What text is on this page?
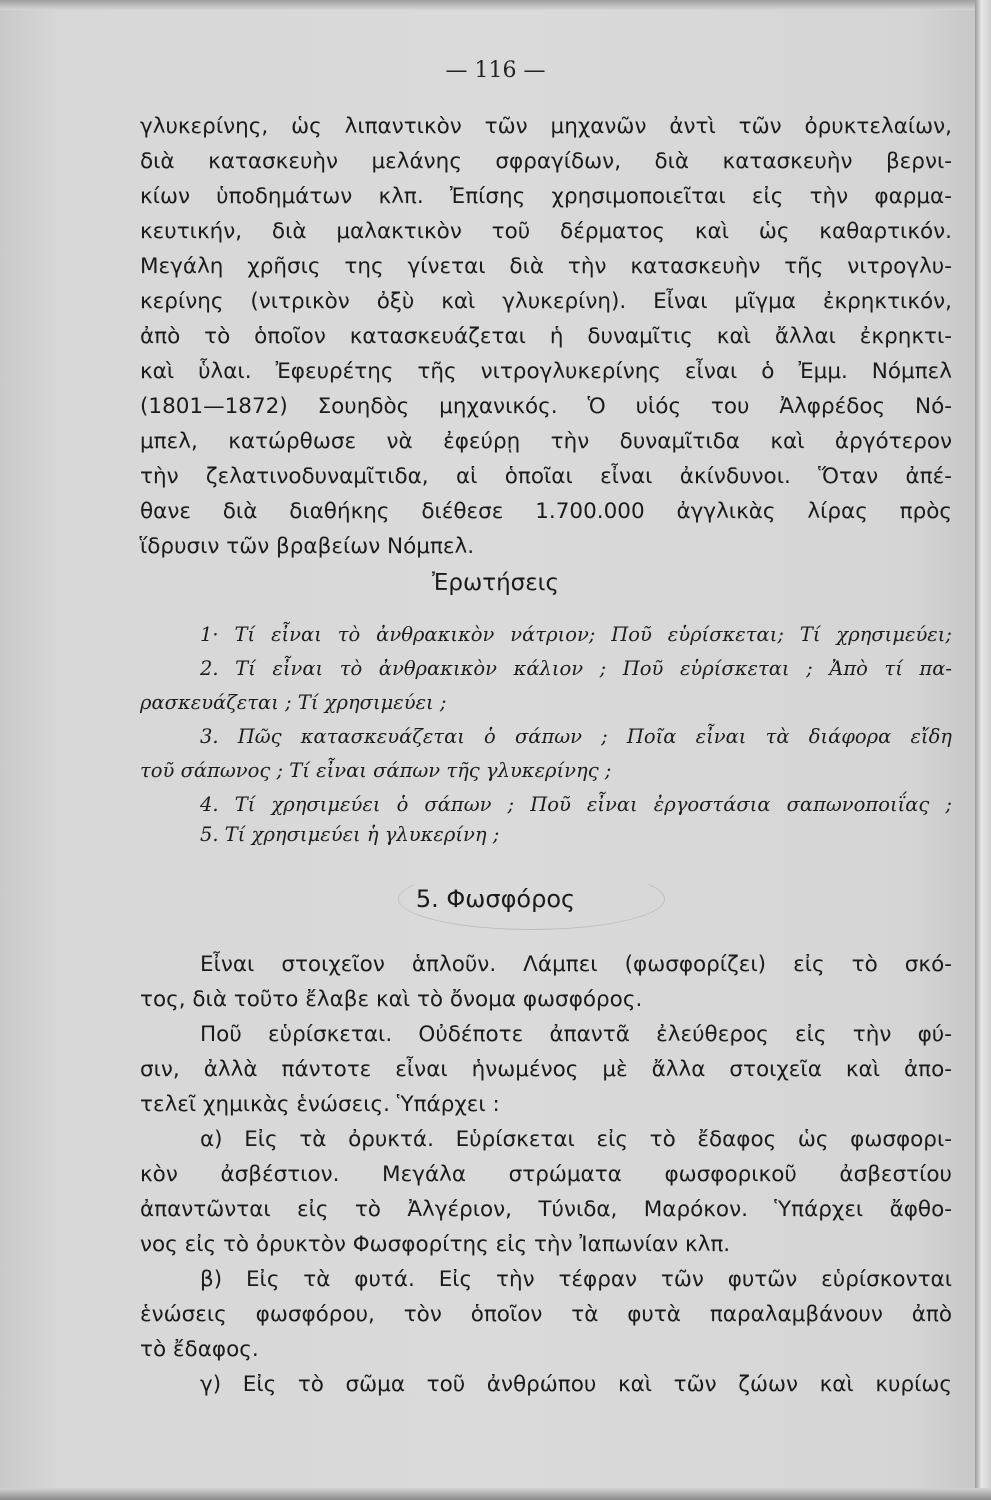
— 116 —
γλυκερίνης, ὡς λιπαντικὸν τῶν μηχανῶν ἀντὶ τῶν ὀρυκτελαίων,
διὰ κατασκευὴν μελάνης σφραγίδων, διὰ κατασκευὴν βερνι-
κίων ὑποδημάτων κλπ. Ἐπίσης χρησιμοποιεῖται εἰς τὴν φαρμα-
κευτικήν, διὰ μαλακτικὸν τοῦ δέρματος καὶ ὡς καθαρτικόν.
Μεγάλη χρῆσις της γίνεται διὰ τὴν κατασκευὴν τῆς νιτρογλυ-
κερίνης (νιτρικὸν ὀξὺ καὶ γλυκερίνη). Εἶναι μῖγμα ἐκρηκτικόν,
ἀπὸ τὸ ὁποῖον κατασκευάζεται ἡ δυναμῖτις καὶ ἄλλαι ἐκρηκτι-
καὶ ὗλαι. Ἐφευρέτης τῆς νιτρογλυκερίνης εἶναι ὁ Ἐμμ. Νόμπελ
(1801—1872) Σουηδὸς μηχανικός. Ὁ υἱός του Ἀλφρέδος Νό-
μπελ, κατώρθωσε νὰ ἐφεύρῃ τὴν δυναμῖτιδα καὶ ἀργότερον
τὴν ζελατινοδυναμῖτιδα, αἱ ὁποῖαι εἶναι ἀκίνδυνοι. Ὅταν ἀπέ-
θανε διὰ διαθήκης διέθεσε 1.700.000 ἀγγλικὰς λίρας πρὸς
ἵδρυσιν τῶν βραβείων Νόμπελ.
Ἐρωτήσεις
1· Τί εἶναι τὸ ἀνθρακικὸν νάτριον; Ποῦ εὑρίσκεται; Τί χρησιμεύει;
2. Τί εἶναι τὸ ἀνθρακικὸν κάλιον ; Ποῦ εὑρίσκεται ; Ἀπὸ τί πα-
ρασκευάζεται ; Τί χρησιμεύει ;
3. Πῶς κατασκευάζεται ὁ σάπων ; Ποῖα εἶναι τὰ διάφορα εἴδη
τοῦ σάπωνος ; Τί εἶναι σάπων τῆς γλυκερίνης ;
4. Τί χρησιμεύει ὁ σάπων ; Ποῦ εἶναι ἐργοστάσια σαπωνοποιΐας ;
5. Τί χρησιμεύει ἡ γλυκερίνη ;
5. Φωσφόρος
Εἶναι στοιχεῖον ἁπλοῦν. Λάμπει (φωσφορίζει) εἰς τὸ σκό-
τος, διὰ τοῦτο ἔλαβε καὶ τὸ ὄνομα φωσφόρος.
Ποῦ εὑρίσκεται. Οὐδέποτε ἀπαντᾶ ἐλεύθερος εἰς τὴν φύ-
σιν, ἀλλὰ πάντοτε εἶναι ἡνωμένος μὲ ἄλλα στοιχεῖα καὶ ἀπο-
τελεῖ χημικὰς ἑνώσεις. Ὑπάρχει :
α) Εἰς τὰ ὀρυκτά. Εὑρίσκεται εἰς τὸ ἔδαφος ὡς φωσφορι-
κὸν ἀσβέστιον. Μεγάλα στρώματα φωσφορικοῦ ἀσβεστίου
ἀπαντῶνται εἰς τὸ Ἀλγέριον, Τύνιδα, Μαρόκον. Ὑπάρχει ἄφθο-
νος εἰς τὸ ὀρυκτὸν Φωσφορίτης εἰς τὴν Ἰαπωνίαν κλπ.
β) Εἰς τὰ φυτά. Εἰς τὴν τέφραν τῶν φυτῶν εὑρίσκονται
ἑνώσεις φωσφόρου, τὸν ὁποῖον τὰ φυτὰ παραλαμβάνουν ἀπὸ
τὸ ἔδαφος.
γ) Εἰς τὸ σῶμα τοῦ ἀνθρώπου καὶ τῶν ζώων καὶ κυρίως
